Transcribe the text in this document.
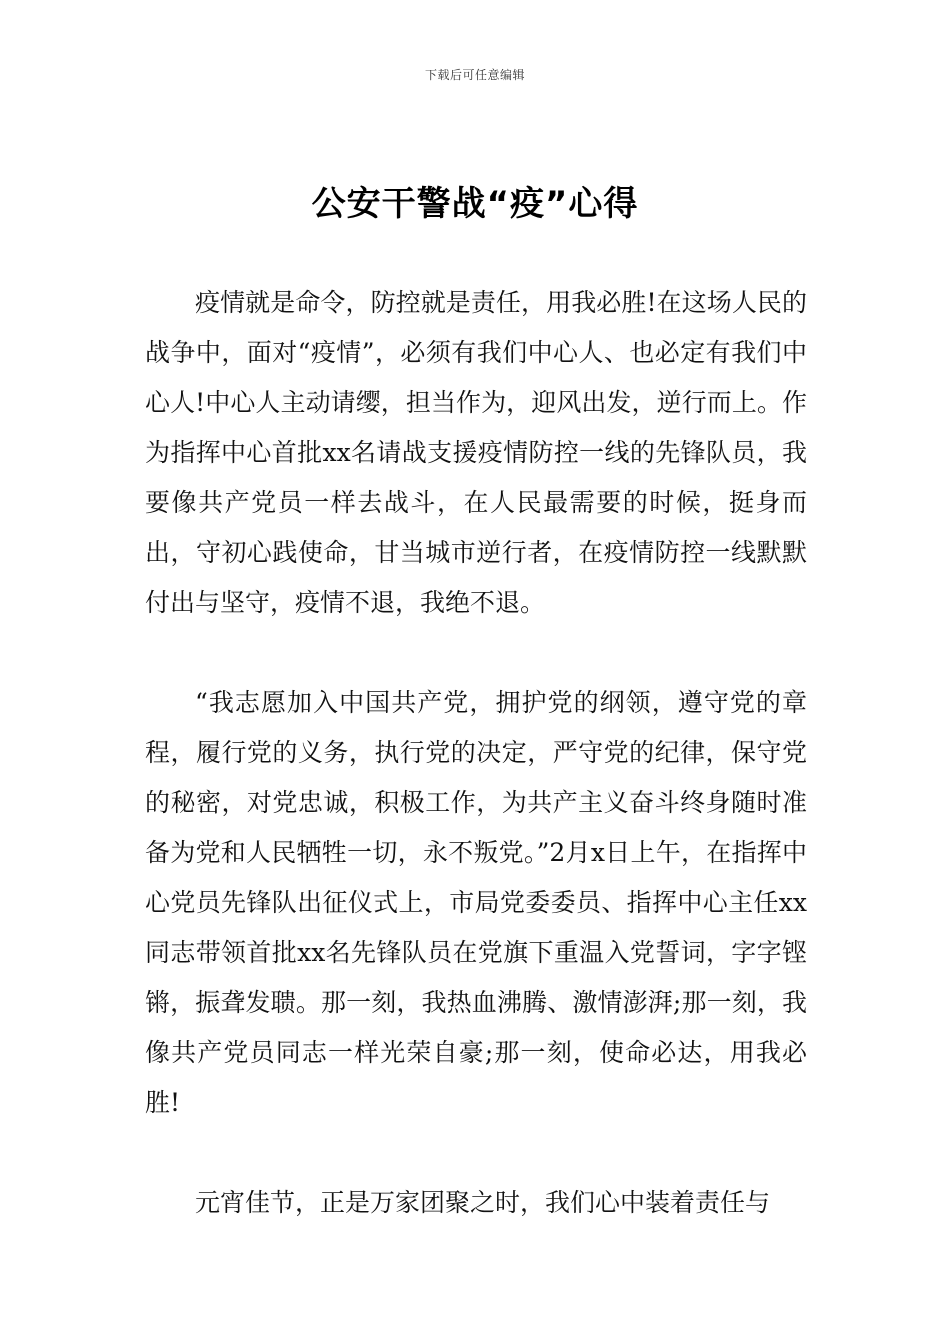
下载后可任意编辑
公安干警战“疫”心得

疫情就是命令，防控就是责任，用我必胜!在这场人民的战争中，面对“疫情”，必须有我们中心人、也必定有我们中心人!中心人主动请缨，担当作为，迎风出发，逆行而上。作为指挥中心首批xx名请战支援疫情防控一线的先锋队员，我要像共产党员一样去战斗，在人民最需要的时候，挺身而出，守初心践使命，甘当城市逆行者，在疫情防控一线默默付出与坚守，疫情不退，我绝不退。

“我志愿加入中国共产党，拥护党的纲领，遵守党的章程，履行党的义务，执行党的决定，严守党的纪律，保守党的秘密，对党忠诚，积极工作，为共产主义奋斗终身随时准备为党和人民牺牲一切，永不叛党。”2月x日上午，在指挥中心党员先锋队出征仪式上，市局党委委员、指挥中心主任xx同志带领首批xx名先锋队员在党旗下重温入党誓词，字字铿锵，振聋发聩。那一刻，我热血沸腾、激情澎湃;那一刻，我像共产党员同志一样光荣自豪;那一刻，使命必达，用我必胜!

元宵佳节，正是万家团聚之时，我们心中装着责任与
